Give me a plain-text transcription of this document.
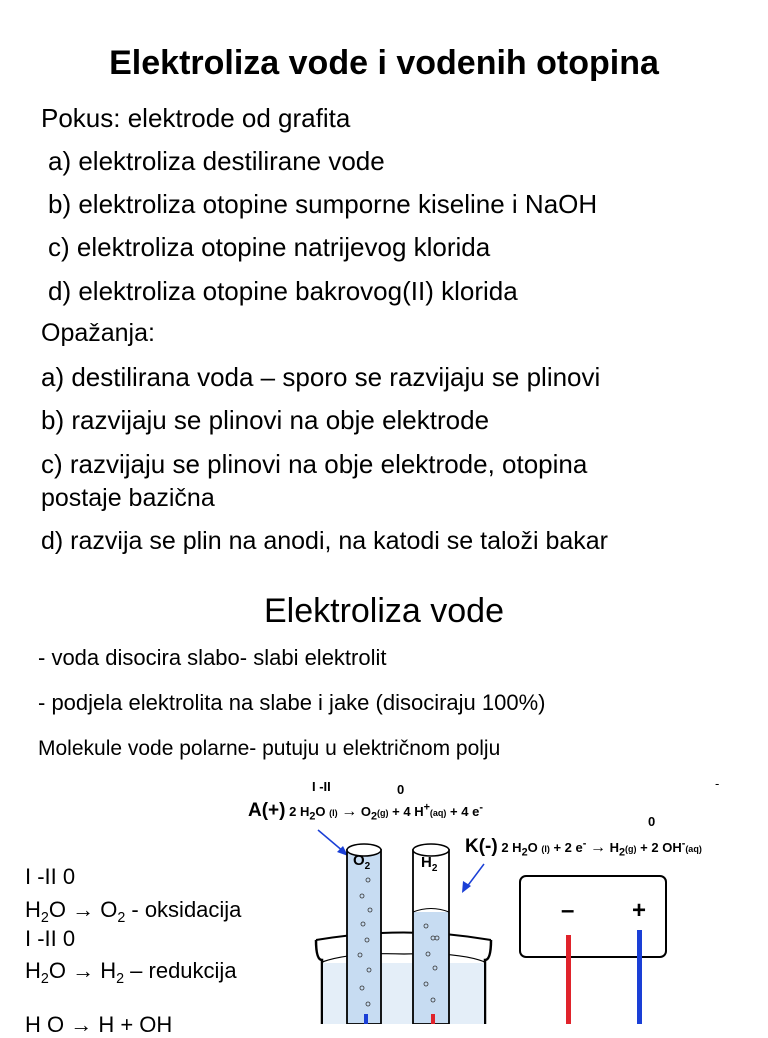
Elektroliza vode i vodenih otopina
Pokus: elektrode od grafita
a) elektroliza destilirane vode
b) elektroliza otopine sumporne kiseline i NaOH
c) elektroliza otopine natrijevog klorida
d) elektroliza otopine bakrovog(II) klorida
Opažanja:
a) destilirana voda – sporo se razvijaju se plinovi
b) razvijaju se plinovi na obje elektrode
c) razvijaju se plinovi na obje elektrode, otopina
postaje bazična
d) razvija se plin na anodi, na katodi se taloži bakar
Elektroliza vode
- voda disocira slabo- slabi elektrolit
- podjela elektrolita na slabe i jake (disociraju 100%)
Molekule vode polarne- putuju u električnom polju
I -II	0
A(+) 2 $H_2O$ $(l) \to O_2(g) + 4$ H+(aq) + 4 e-
-
0
K(-) 2 $H_2O$ (l) + 2 $e^- \to H_2(g) + 2$ OH-(aq)
I -II 0
$H_2O \to O_2$ - oksidacija
I -II 0
$H_2O \to H_2$ – redukcija
H O → H + OH
$O_2$	$H_2$
– +
